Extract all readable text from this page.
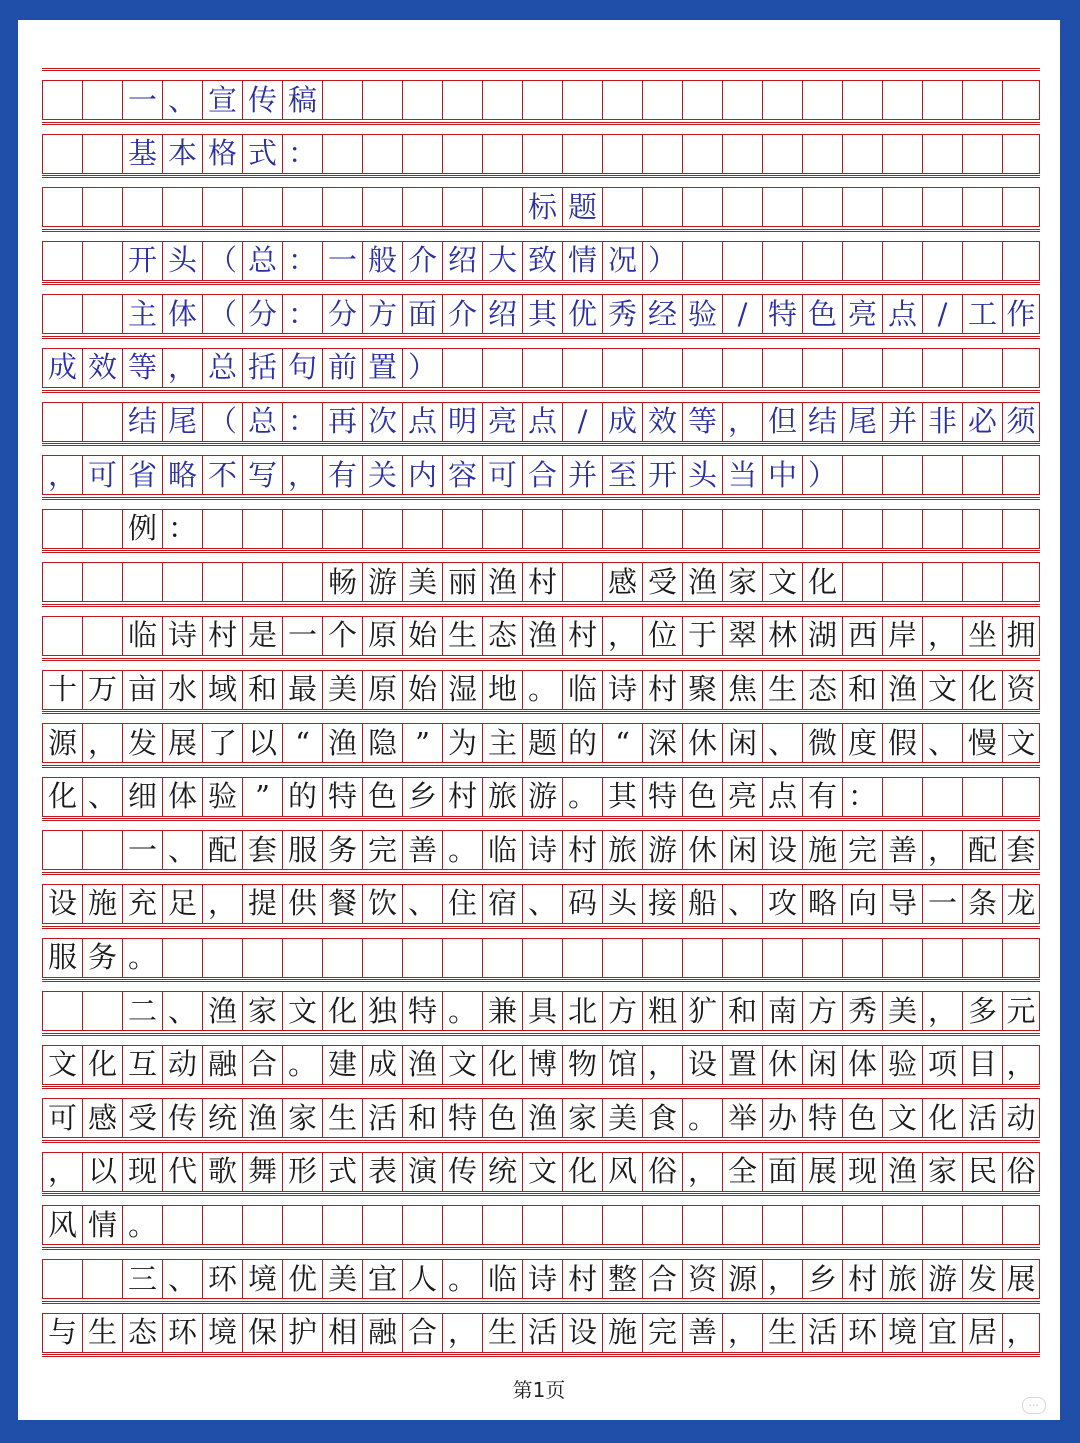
一 、 宣 传 稿
基 本 格 式 ：
标 题
开 头 （ 总 ： 一 般 介 绍 大 致 情 况 ）
主 体 （ 分 ： 分 方 面 介 绍 其 优 秀 经 验 / 特 色 亮 点 / 工 作
成 效 等 ， 总 括 句 前 置 ）
结 尾 （ 总 ： 再 次 点 明 亮 点 / 成 效 等 ， 但 结 尾 并 非 必 须
， 可 省 略 不 写 ， 有 关 内 容 可 合 并 至 开 头 当 中 ）
例 ：
畅 游 美 丽 渔 村 感 受 渔 家 文 化
临 诗 村 是 一 个 原 始 生 态 渔 村 ， 位 于 翠 林 湖 西 岸 ， 坐 拥
十 万 亩 水 域 和 最 美 原 始 湿 地 。 临 诗 村 聚 焦 生 态 和 渔 文 化 资
源 ， 发 展 了 以 “ 渔 隐 ” 为 主 题 的 “ 深 休 闲 、 微 度 假 、 慢 文
化 、 细 体 验 ” 的 特 色 乡 村 旅 游 。 其 特 色 亮 点 有 ：
一 、 配 套 服 务 完 善 。 临 诗 村 旅 游 休 闲 设 施 完 善 ， 配 套
设 施 充 足 ， 提 供 餐 饮 、 住 宿 、 码 头 接 船 、 攻 略 向 导 一 条 龙
服 务 。
二 、 渔 家 文 化 独 特 。 兼 具 北 方 粗 犷 和 南 方 秀 美 ， 多 元
文 化 互 动 融 合 。 建 成 渔 文 化 博 物 馆 ， 设 置 休 闲 体 验 项 目 ，
可 感 受 传 统 渔 家 生 活 和 特 色 渔 家 美 食 。 举 办 特 色 文 化 活 动
， 以 现 代 歌 舞 形 式 表 演 传 统 文 化 风 俗 ， 全 面 展 现 渔 家 民 俗
风 情 。
三 、 环 境 优 美 宜 人 。 临 诗 村 整 合 资 源 ， 乡 村 旅 游 发 展
与 生 态 环 境 保 护 相 融 合 ， 生 活 设 施 完 善 ， 生 活 环 境 宜 居 ，
第1页
···
